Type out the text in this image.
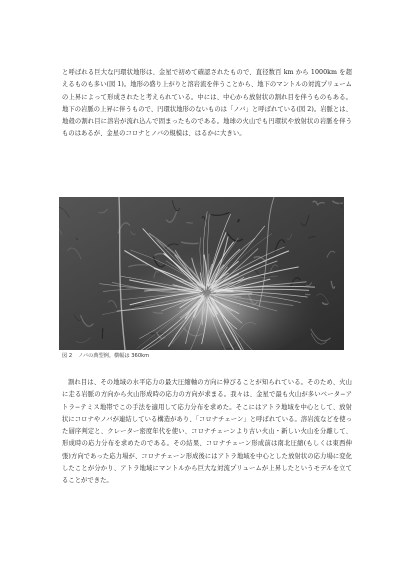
と呼ばれる巨大な円環状地形は、金星で初めて確認されたもので、直径数百 km から 1000km を超えるものも多い(図 1)。地形の盛り上がりと溶岩流を伴うことから、地下のマントルの対流プリュームの上昇によって形成されたと考えられている。中には、中心から放射状の割れ目を伴うものもある。地下の岩脈の上昇に伴うもので、円環状地形のないものは「ノバ」と呼ばれている(図 2)。岩脈とは、地殻の割れ目に溶岩が流れ込んで固まったものである。地球の火山でも円環状や放射状の岩脈を伴うものはあるが、金星のコロナとノバの規模は、はるかに大きい。

図 2 ノバの典型例。横幅は 360km

割れ目は、その地域の水平応力の最大圧縮軸の方向に伸びることが知られている。そのため、火山に走る岩脈の方向から火山形成時の応力の方向が求まる。我々は、金星で最も火山が多いベータ−アトラ−テミス地帯でこの手法を適用して応力分布を求めた。そこにはアトラ地域を中心として、放射状にコロナやノバが連結している構造があり、「コロナチェーン」と呼ばれている。溶岩流などを使った層序判定と、クレーター密度年代を使い、コロナチェーンより古い火山・新しい火山を分離して、形成時の応力分布を求めたのである。その結果、コロナチェーン形成前は南北圧縮(もしくは東西伸張)方向であった応力場が、コロナチェーン形成後にはアトラ地域を中心とした放射状の応力場に変化したことが分かり、アトラ地域にマントルから巨大な対流プリュームが上昇したというモデルを立てることができた。
